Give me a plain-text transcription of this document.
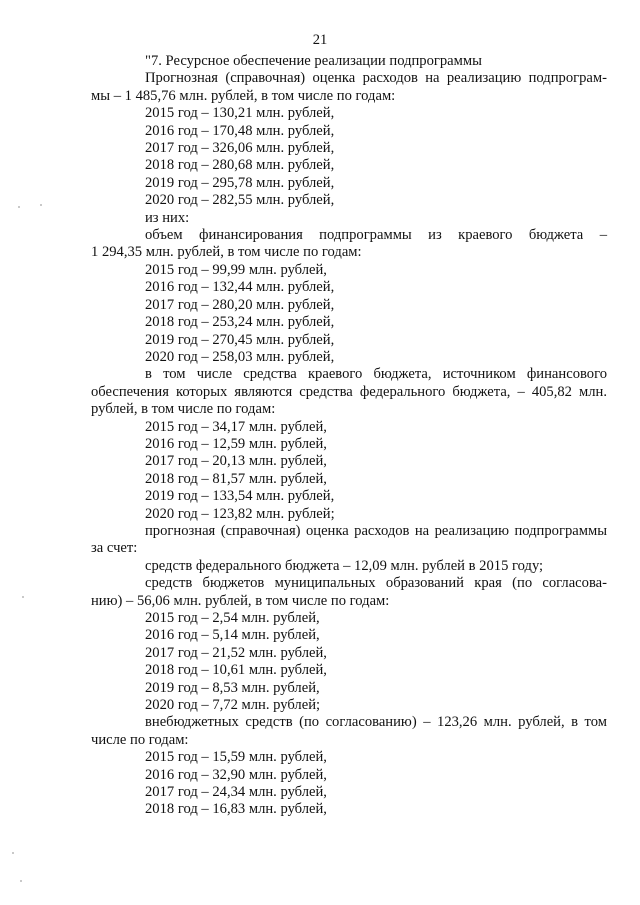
21

"7. Ресурсное обеспечение реализации подпрограммы

Прогнозная (справочная) оценка расходов на реализацию подпрограм-

мы – 1 485,76 млн. рублей, в том числе по годам:

2015 год – 130,21 млн. рублей,

2016 год – 170,48 млн. рублей,

2017 год – 326,06 млн. рублей,

2018 год – 280,68 млн. рублей,

2019 год – 295,78 млн. рублей,

2020 год – 282,55 млн. рублей,

из них:

объем финансирования подпрограммы из краевого бюджета –

1 294,35 млн. рублей, в том числе по годам:

2015 год – 99,99 млн. рублей,

2016 год – 132,44 млн. рублей,

2017 год – 280,20 млн. рублей,

2018 год – 253,24 млн. рублей,

2019 год – 270,45 млн. рублей,

2020 год – 258,03 млн. рублей,

в том числе средства краевого бюджета, источником финансового

обеспечения которых являются средства федерального бюджета, – 405,82 млн.

рублей, в том числе по годам:

2015 год – 34,17 млн. рублей,

2016 год – 12,59 млн. рублей,

2017 год – 20,13 млн. рублей,

2018 год – 81,57 млн. рублей,

2019 год – 133,54 млн. рублей,

2020 год – 123,82 млн. рублей;

прогнозная (справочная) оценка расходов на реализацию подпрограммы

за счет:

средств федерального бюджета – 12,09 млн. рублей в 2015 году;

средств бюджетов муниципальных образований края (по согласова-

нию) – 56,06 млн. рублей, в том числе по годам:

2015 год – 2,54 млн. рублей,

2016 год – 5,14 млн. рублей,

2017 год – 21,52 млн. рублей,

2018 год – 10,61 млн. рублей,

2019 год – 8,53 млн. рублей,

2020 год – 7,72 млн. рублей;

внебюджетных средств (по согласованию) – 123,26 млн. рублей, в том

числе по годам:

2015 год – 15,59 млн. рублей,

2016 год – 32,90 млн. рублей,

2017 год – 24,34 млн. рублей,

2018 год – 16,83 млн. рублей,
